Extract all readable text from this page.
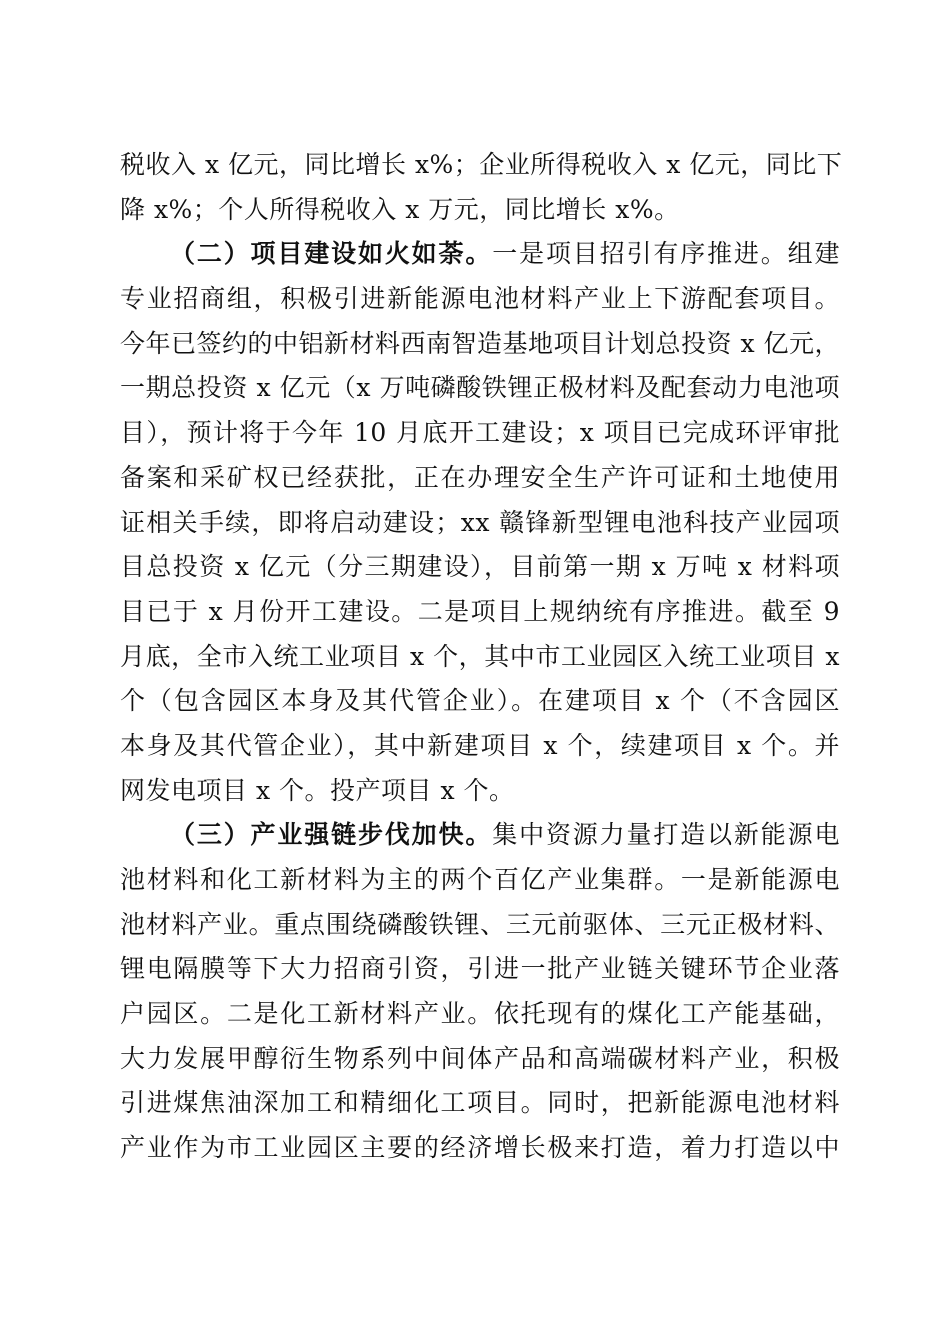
税收入 x 亿元，同比增长 x%；企业所得税收入 x 亿元，同比下
降 x%；个人所得税收入 x 万元，同比增长 x%。
（二）项目建设如火如荼。一是项目招引有序推进。组建
专业招商组，积极引进新能源电池材料产业上下游配套项目。
今年已签约的中铝新材料西南智造基地项目计划总投资 x 亿元，
一期总投资 x 亿元（x 万吨磷酸铁锂正极材料及配套动力电池项
目），预计将于今年 10 月底开工建设；x 项目已完成环评审批
备案和采矿权已经获批，正在办理安全生产许可证和土地使用
证相关手续，即将启动建设；xx 赣锋新型锂电池科技产业园项
目总投资 x 亿元（分三期建设），目前第一期 x 万吨 x 材料项
目已于 x 月份开工建设。二是项目上规纳统有序推进。截至 9
月底，全市入统工业项目 x 个，其中市工业园区入统工业项目 x
个（包含园区本身及其代管企业）。在建项目 x 个（不含园区
本身及其代管企业），其中新建项目 x 个，续建项目 x 个。并
网发电项目 x 个。投产项目 x 个。
（三）产业强链步伐加快。集中资源力量打造以新能源电
池材料和化工新材料为主的两个百亿产业集群。一是新能源电
池材料产业。重点围绕磷酸铁锂、三元前驱体、三元正极材料、
锂电隔膜等下大力招商引资，引进一批产业链关键环节企业落
户园区。二是化工新材料产业。依托现有的煤化工产能基础，
大力发展甲醇衍生物系列中间体产品和高端碳材料产业，积极
引进煤焦油深加工和精细化工项目。同时，把新能源电池材料
产业作为市工业园区主要的经济增长极来打造，着力打造以中
